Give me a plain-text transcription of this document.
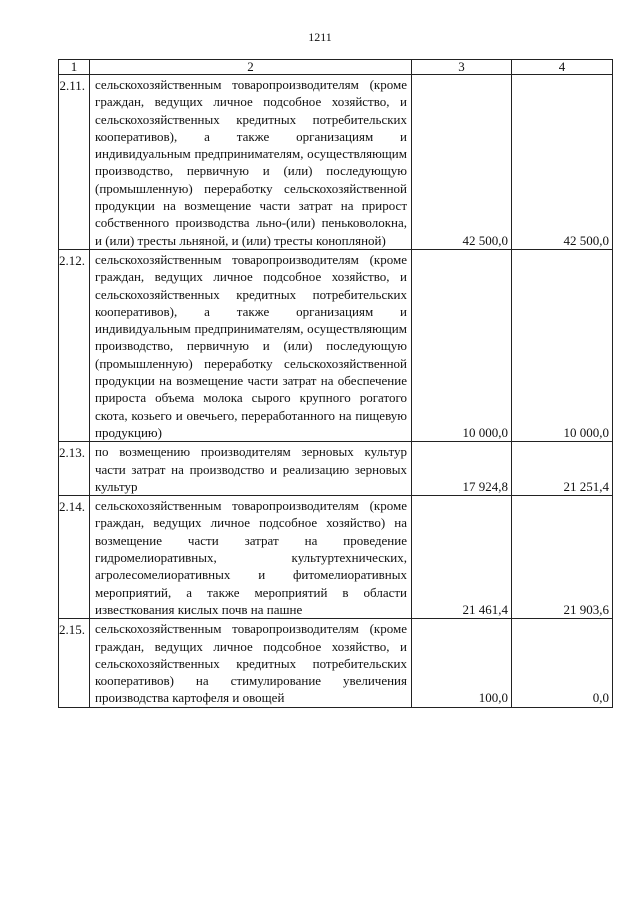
1211
1	2	3	4
2.11.	сельскохозяйственным товаропроизводителям (кроме граждан, ведущих личное подсобное хозяйство, и сельскохозяйственных кредитных потребительских кооперативов), а также организациям и индивидуальным предпринимателям, осуществляющим производство, первичную и (или) последующую (промышленную) переработку сельскохозяйственной продукции на возмещение части затрат на прирост собственного производства льно-(или) пеньковолокна, и (или) тресты льняной, и (или) тресты конопляной)	42 500,0	42 500,0
2.12.	сельскохозяйственным товаропроизводителям (кроме граждан, ведущих личное подсобное хозяйство, и сельскохозяйственных кредитных потребительских кооперативов), а также организациям и индивидуальным предпринимателям, осуществляющим производство, первичную и (или) последующую (промышленную) переработку сельскохозяйственной продукции на возмещение части затрат на обеспечение прироста объема молока сырого крупного рогатого скота, козьего и овечьего, переработанного на пищевую продукцию)	10 000,0	10 000,0
2.13.	по возмещению производителям зерновых культур части затрат на производство и реализацию зерновых культур	17 924,8	21 251,4
2.14.	сельскохозяйственным товаропроизводителям (кроме граждан, ведущих личное подсобное хозяйство) на возмещение части затрат на проведение гидромелиоративных, культуртехнических, агролесомелиоративных и фитомелиоративных мероприятий, а также мероприятий в области известкования кислых почв на пашне	21 461,4	21 903,6
2.15.	сельскохозяйственным товаропроизводителям (кроме граждан, ведущих личное подсобное хозяйство, и сельскохозяйственных кредитных потребительских кооперативов) на стимулирование увеличения производства картофеля и овощей	100,0	0,0
